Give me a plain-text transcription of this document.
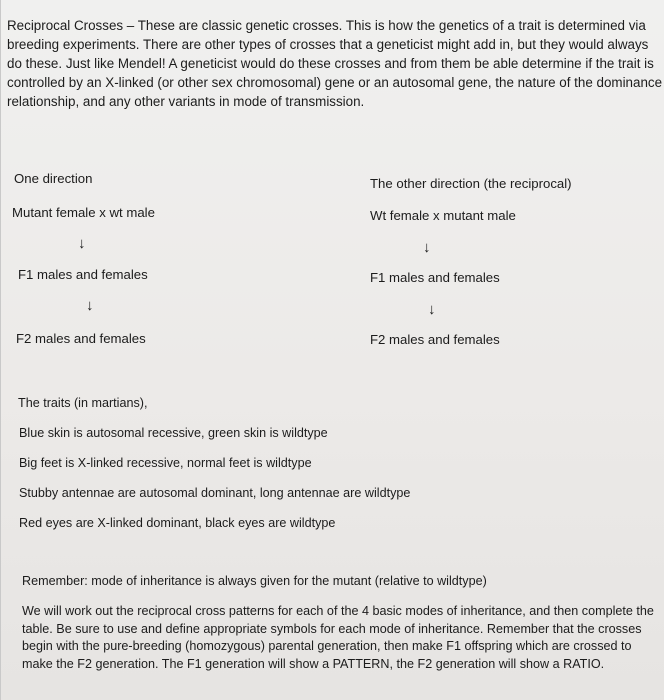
Reciprocal Crosses – These are classic genetic crosses. This is how the genetics of a trait is determined via breeding experiments. There are other types of crosses that a geneticist might add in, but they would always do these. Just like Mendel! A geneticist would do these crosses and from them be able determine if the trait is controlled by an X-linked (or other sex chromosomal) gene or an autosomal gene, the nature of the dominance relationship, and any other variants in mode of transmission.

One direction
Mutant female x wt male
↓
F1 males and females
↓
F2 males and females
The other direction (the reciprocal)
Wt female x mutant male
↓
F1 males and females
↓
F2 males and females
The traits (in martians),
Blue skin is autosomal recessive, green skin is wildtype
Big feet is X-linked recessive, normal feet is wildtype
Stubby antennae are autosomal dominant, long antennae are wildtype
Red eyes are X-linked dominant, black eyes are wildtype
Remember: mode of inheritance is always given for the mutant (relative to wildtype)

We will work out the reciprocal cross patterns for each of the 4 basic modes of inheritance, and then complete the table. Be sure to use and define appropriate symbols for each mode of inheritance. Remember that the crosses begin with the pure-breeding (homozygous) parental generation, then make F1 offspring which are crossed to make the F2 generation. The F1 generation will show a PATTERN, the F2 generation will show a RATIO.
